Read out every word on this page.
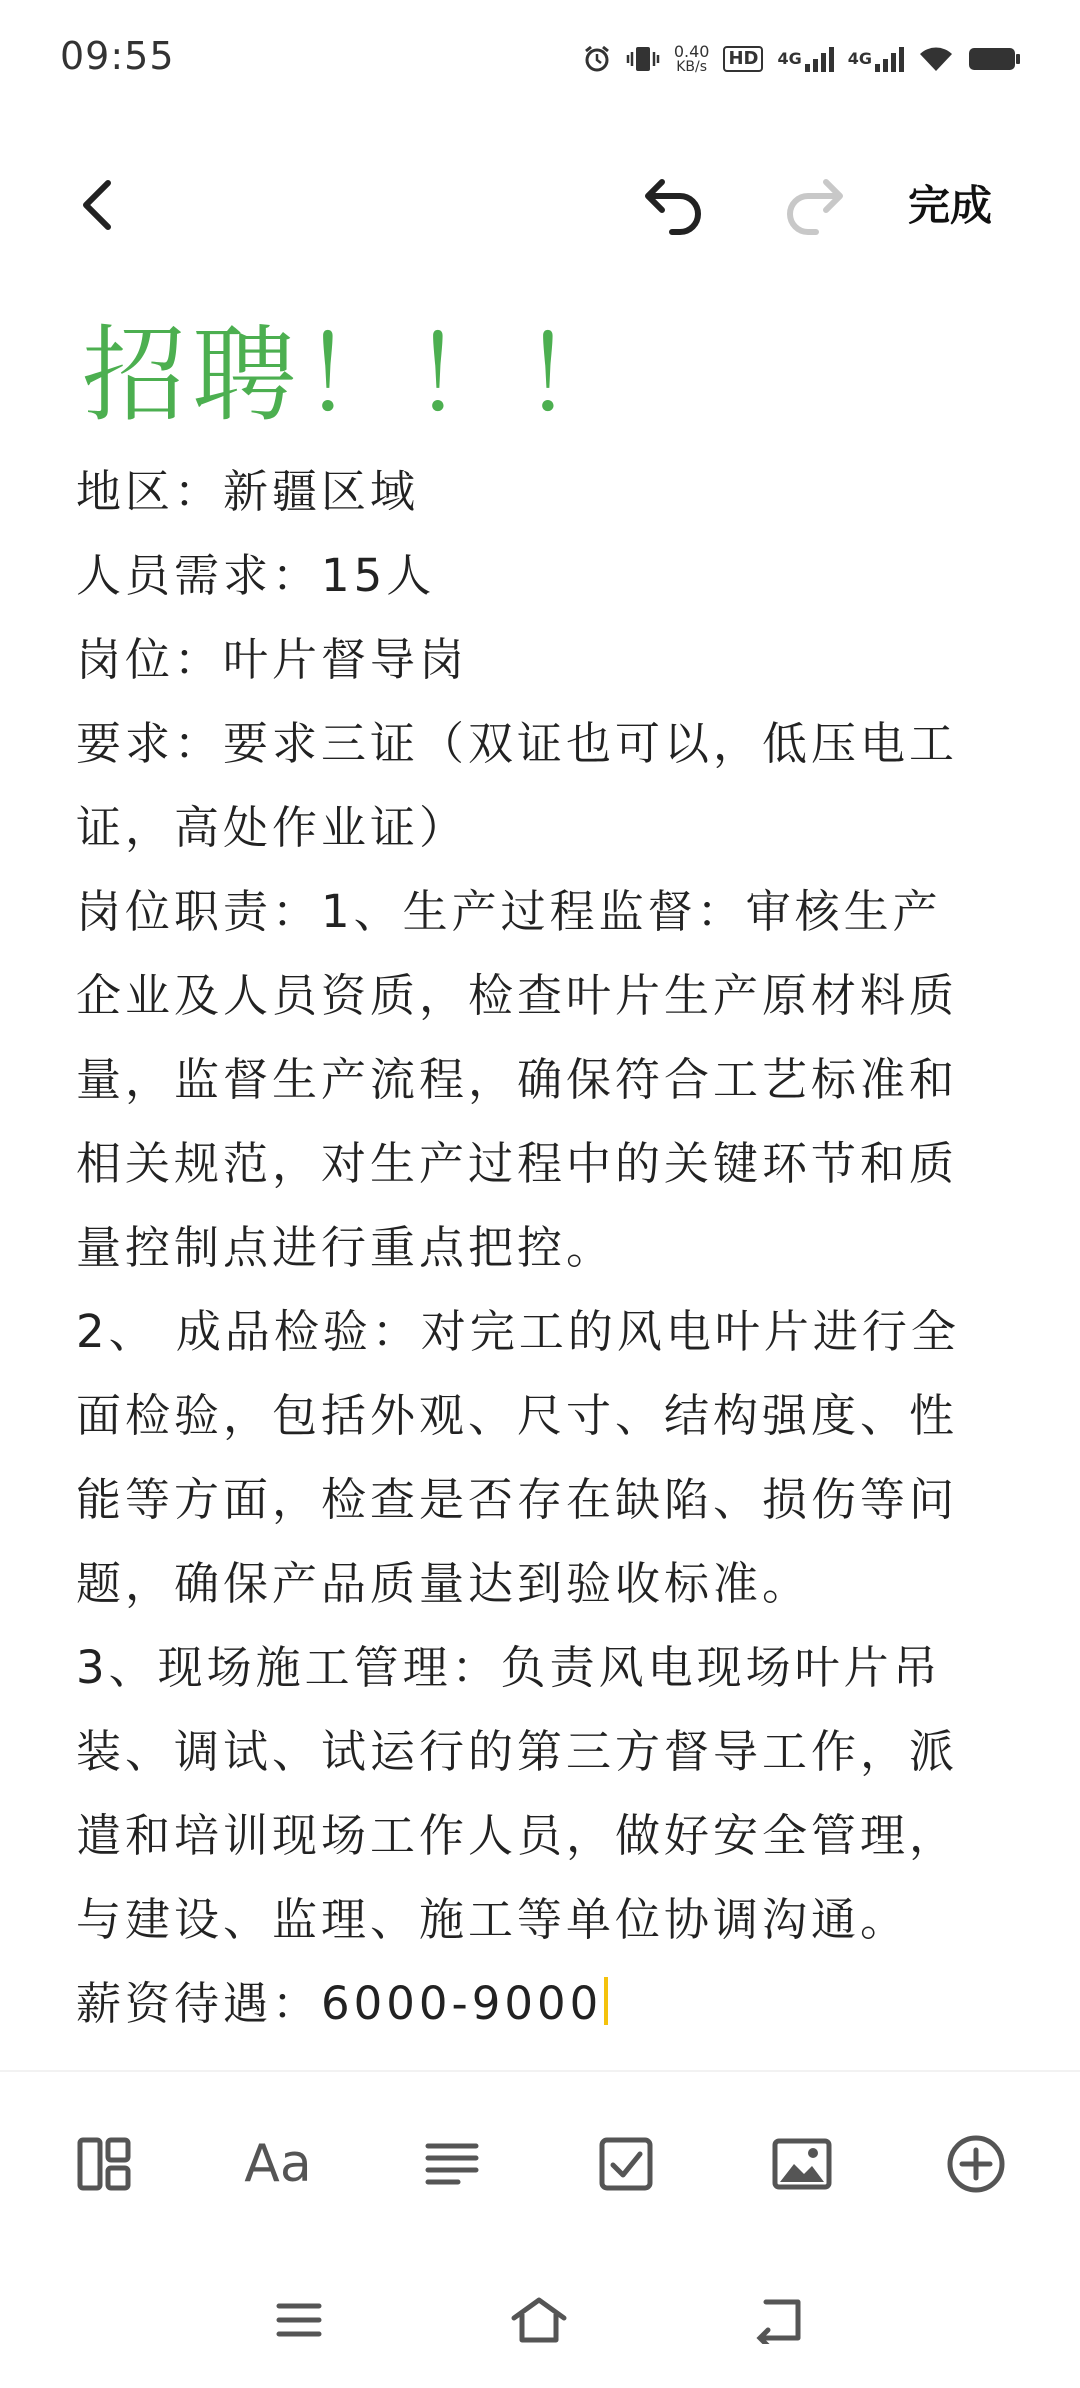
09:55	0.40
KB/s HD	4G	4G
完成
招聘！！！
地区：新疆区域
人员需求：15人
岗位：叶片督导岗
要求：要求三证（双证也可以，低压电工
证，高处作业证）
岗位职责：1、生产过程监督：审核生产
企业及人员资质，检查叶片生产原材料质
量，监督生产流程，确保符合工艺标准和
相关规范，对生产过程中的关键环节和质
量控制点进行重点把控。
2、 成品检验：对完工的风电叶片进行全
面检验，包括外观、尺寸、结构强度、性
能等方面，检查是否存在缺陷、损伤等问
题，确保产品质量达到验收标准。
3、现场施工管理：负责风电现场叶片吊
装、调试、试运行的第三方督导工作，派
遣和培训现场工作人员，做好安全管理，
与建设、监理、施工等单位协调沟通。
薪资待遇：6000-9000
Aa
